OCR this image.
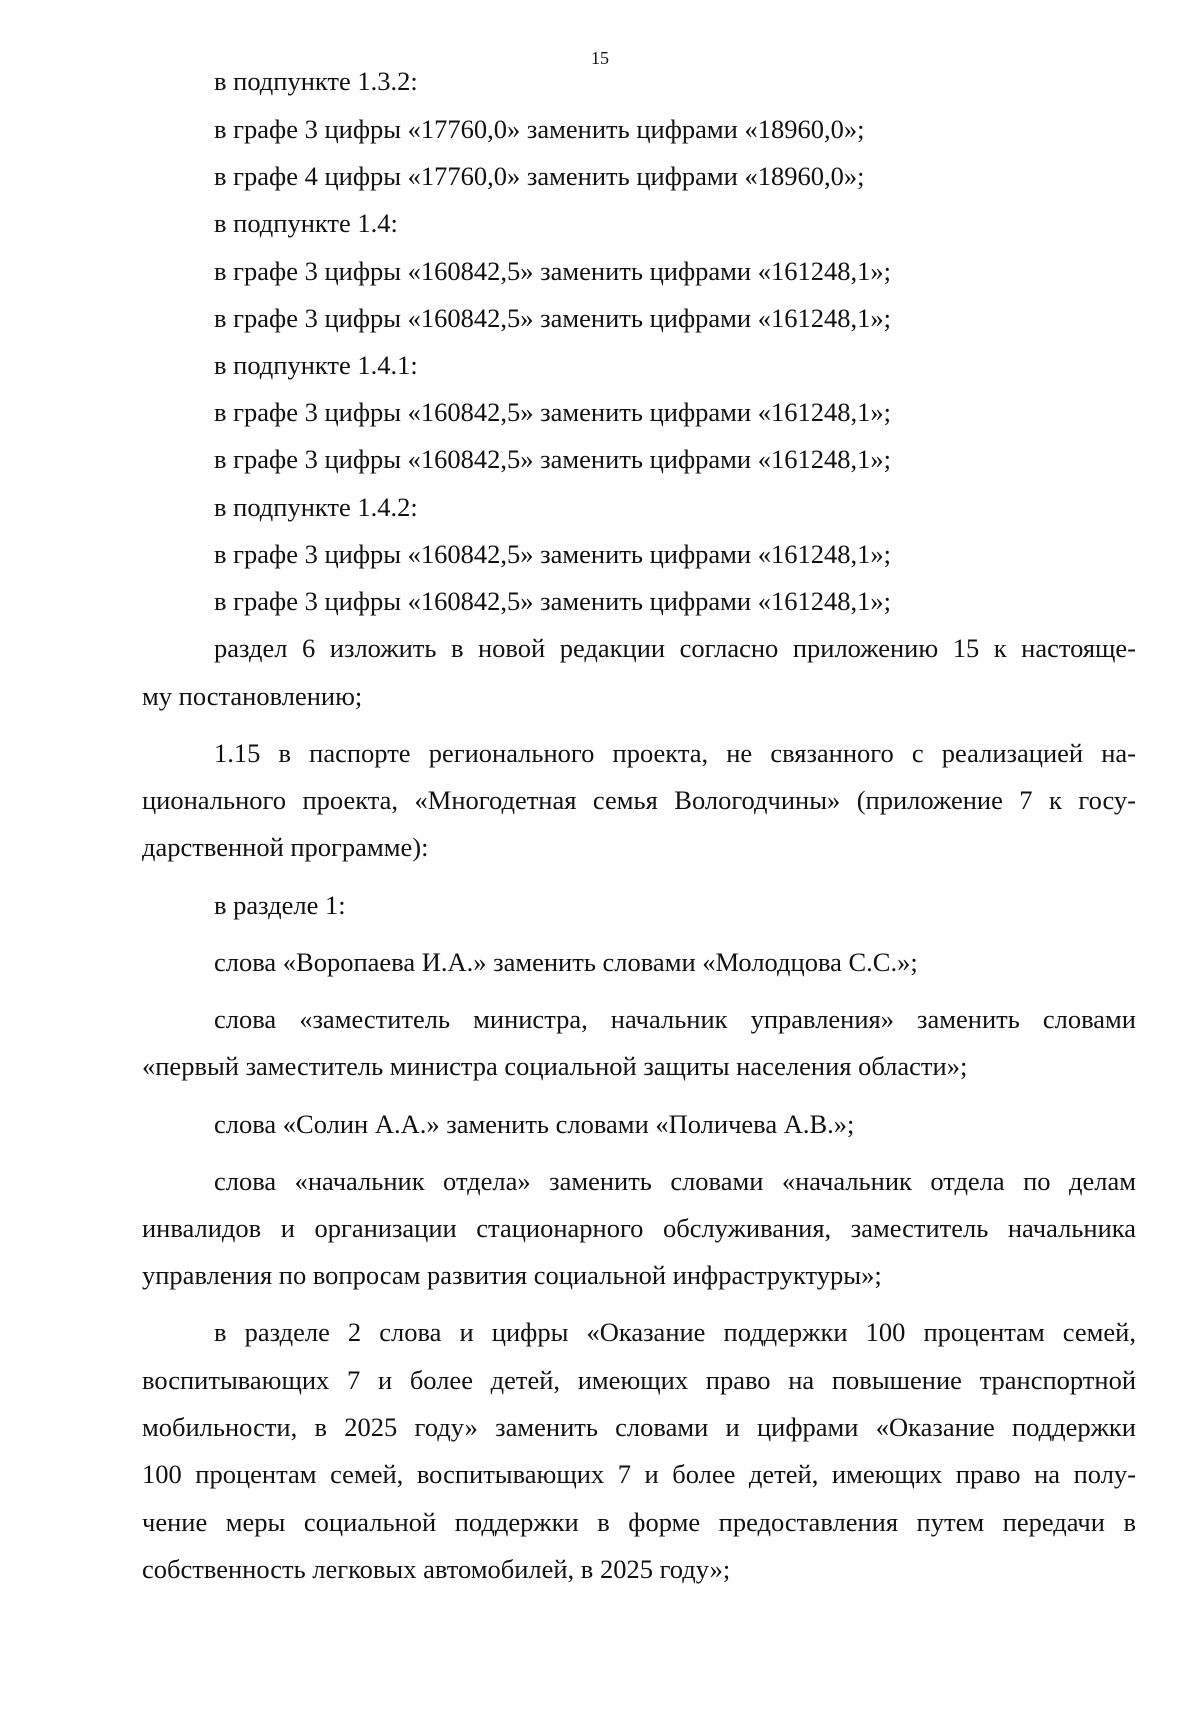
15
в подпункте 1.3.2:
в графе 3 цифры «17760,0» заменить цифрами «18960,0»;
в графе 4 цифры «17760,0» заменить цифрами «18960,0»;
в подпункте 1.4:
в графе 3 цифры «160842,5» заменить цифрами «161248,1»;
в графе 3 цифры «160842,5» заменить цифрами «161248,1»;
в подпункте 1.4.1:
в графе 3 цифры «160842,5» заменить цифрами «161248,1»;
в графе 3 цифры «160842,5» заменить цифрами «161248,1»;
в подпункте 1.4.2:
в графе 3 цифры «160842,5» заменить цифрами «161248,1»;
в графе 3 цифры «160842,5» заменить цифрами «161248,1»;
раздел 6 изложить в новой редакции согласно приложению 15 к настояще-
му постановлению;
1.15 в паспорте регионального проекта, не связанного с реализацией на-
ционального проекта, «Многодетная семья Вологодчины» (приложение 7 к госу-
дарственной программе):
в разделе 1:
слова «Воропаева И.А.» заменить словами «Молодцова С.С.»;
слова «заместитель министра, начальник управления» заменить словами
«первый заместитель министра социальной защиты населения области»;
слова «Солин А.А.» заменить словами «Поличева А.В.»;
слова «начальник отдела» заменить словами «начальник отдела по делам
инвалидов и организации стационарного обслуживания, заместитель начальника
управления по вопросам развития социальной инфраструктуры»;
в разделе 2 слова и цифры «Оказание поддержки 100 процентам семей,
воспитывающих 7 и более детей, имеющих право на повышение транспортной
мобильности, в 2025 году» заменить словами и цифрами «Оказание поддержки
100 процентам семей, воспитывающих 7 и более детей, имеющих право на полу-
чение меры социальной поддержки в форме предоставления путем передачи в
собственность легковых автомобилей, в 2025 году»;
